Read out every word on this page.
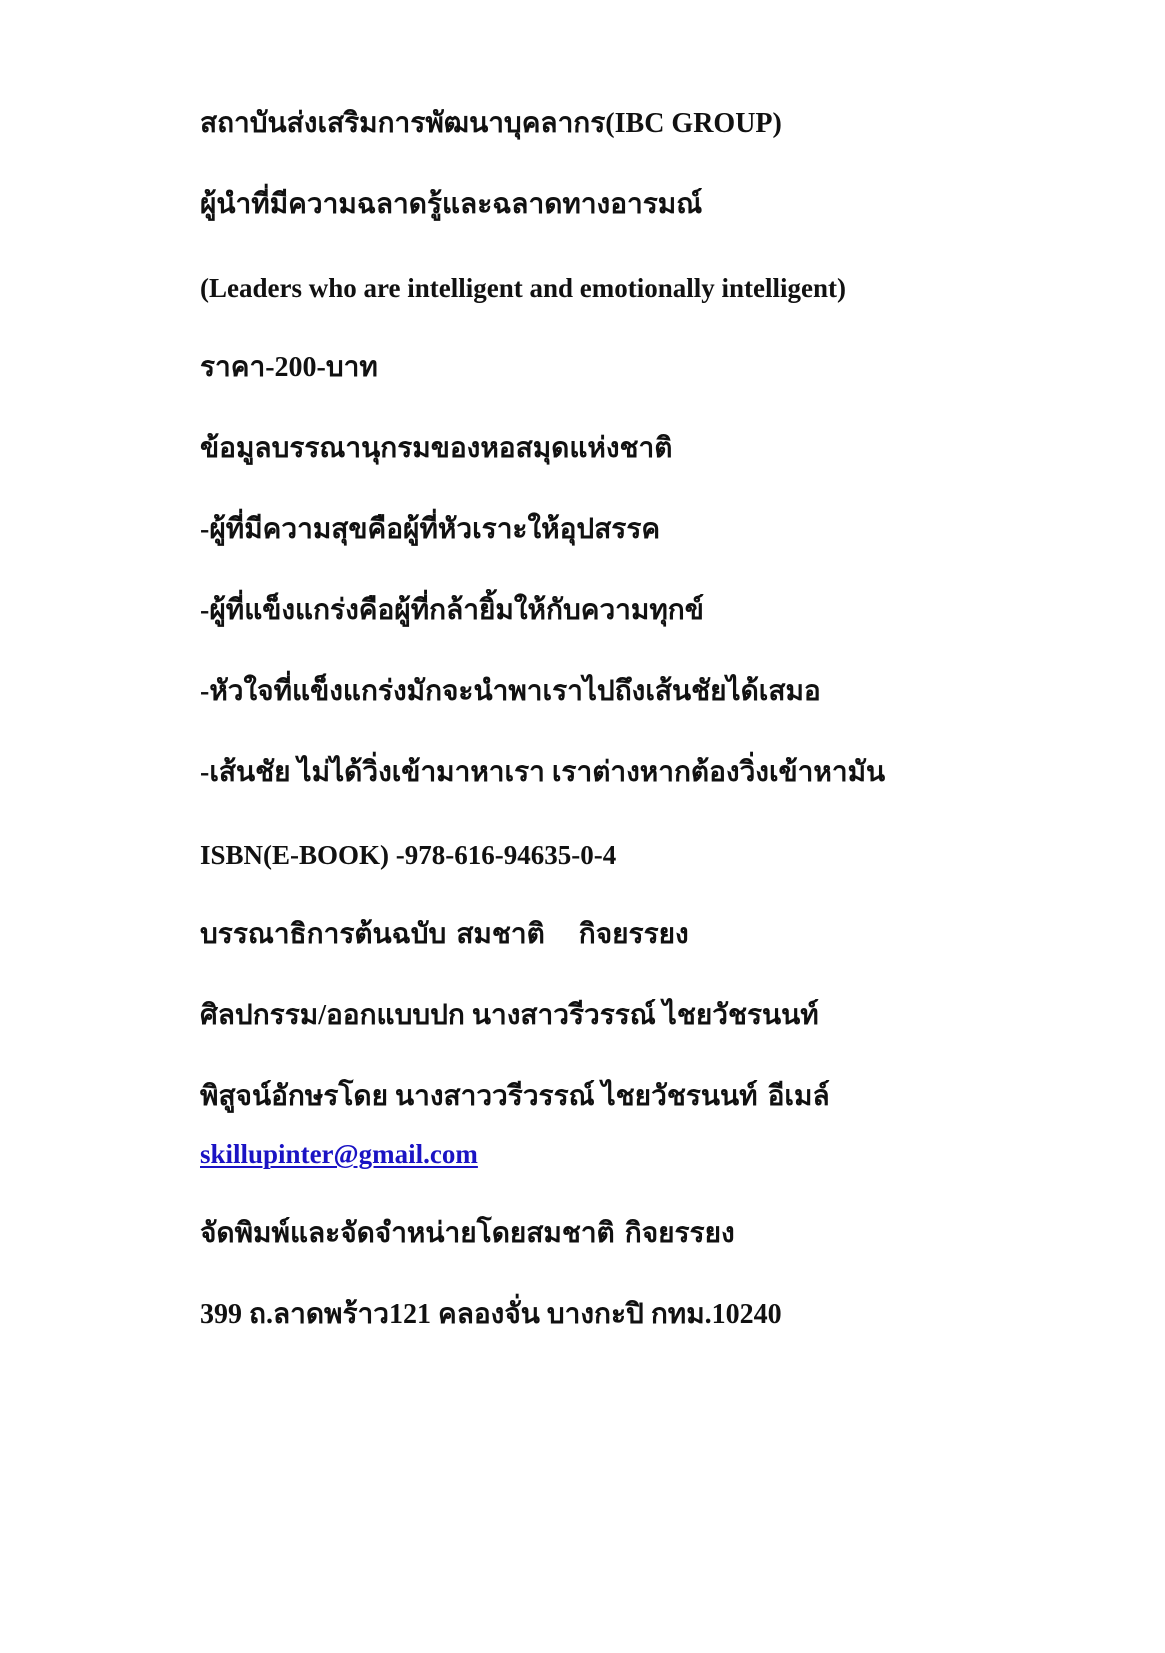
สถาบันส่งเสริมการพัฒนาบุคลากร(IBC GROUP)

ผู้นำที่มีความฉลาดรู้และฉลาดทางอารมณ์

(Leaders who are intelligent and emotionally intelligent)

ราคา-200-บาท

ข้อมูลบรรณานุกรมของหอสมุดแห่งชาติ

-ผู้ที่มีความสุขคือผู้ที่หัวเราะให้อุปสรรค

-ผู้ที่แข็งแกร่งคือผู้ที่กล้ายิ้มให้กับความทุกข์

-หัวใจที่แข็งแกร่งมักจะนำพาเราไปถึงเส้นชัยได้เสมอ

-เส้นชัย ไม่ได้วิ่งเข้ามาหาเรา เราต่างหากต้องวิ่งเข้าหามัน

ISBN(E-BOOK) -978-616-94635-0-4

บรรณาธิการต้นฉบับ สมชาติ กิจยรรยง

ศิลปกรรม/ออกแบบปก นางสาวรีวรรณ์ ไชยวัชรนนท์

พิสูจน์อักษรโดย นางสาววรีวรรณ์ ไชยวัชรนนท์ อีเมล์

skillupinter@gmail.com

จัดพิมพ์และจัดจำหน่ายโดยสมชาติ กิจยรรยง

399 ถ.ลาดพร้าว121 คลองจั่น บางกะปิ กทม.10240
